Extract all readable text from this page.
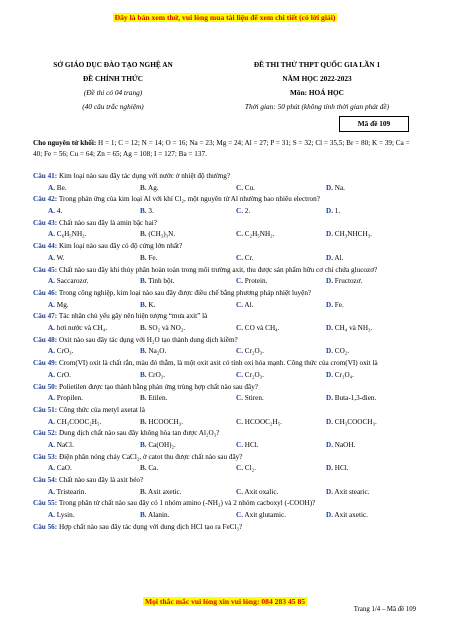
Đây là bản xem thử, vui lòng mua tài liệu để xem chi tiết (có lời giải)
SỞ GIÁO DỤC ĐÀO TẠO NGHỆ AN
ĐỀ CHÍNH THỨC
(Đề thi có 04 trang)
(40 câu trắc nghiệm)
ĐỀ THI THỬ THPT QUỐC GIA LẦN 1
NĂM HỌC 2022-2023
Môn: HOÁ HỌC
Thời gian: 50 phút (không tính thời gian phát đề)
Mã đề 109
Cho nguyên tử khối: H = 1; C = 12; N = 14; O = 16; Na = 23; Mg = 24; Al = 27; P = 31; S = 32; Cl = 35,5; Br = 80; K = 39; Ca = 40; Fe = 56; Cu = 64; Zn = 65; Ag = 108; I = 127; Ba = 137.
Câu 41: Kim loại nào sau đây tác dụng với nước ở nhiệt độ thường?
A. Be.	B. Ag.	C. Cu.	D. Na.
Câu 42: Trong phản ứng của kim loại Al với khí Cl₂, một nguyên tử Al nhường bao nhiêu electron?
A. 4.	B. 3.	C. 2.	D. 1.
Câu 43: Chất nào sau đây là amin bậc hai?
A. C₆H₅NH₂.	B. (CH₃)₃N.	C. C₂H₅NH₂.	D. CH₃NHCH₃.
Câu 44: Kim loại nào sau đây có độ cứng lớn nhất?
A. W.	B. Fe.	C. Cr.	D. Al.
Câu 45: Chất nào sau đây khi thủy phân hoàn toàn trong môi trường axit, thu được sản phẩm hữu cơ chỉ chứa glucozơ?
A. Saccarozơ.	B. Tinh bột.	C. Protein.	D. Fructozơ.
Câu 46: Trong công nghiệp, kim loại nào sau đây được điều chế bằng phương pháp nhiệt luyện?
A. Mg.	B. K.	C. Al.	D. Fe.
Câu 47: Tác nhân chủ yếu gây nên hiện tượng “mưa axit” là
A. hơi nước và CH₄.	B. SO₂ và NO₂.	C. CO và CH₄.	D. CH₄ và NH₃.
Câu 48: Oxit nào sau đây tác dụng với H₂O tạo thành dung dịch kiềm?
A. CrO₃.	B. Na₂O.	C. Cr₂O₃.	D. CO₂.
Câu 49: Crom(VI) oxit là chất rắn, màu đỏ thẫm, là một oxit axit có tính oxi hóa mạnh. Công thức của crom(VI) oxit là
A. CrO.	B. CrO₃.	C. Cr₂O₃.	D. Cr₃O₄.
Câu 50: Polietilen được tạo thành bằng phản ứng trùng hợp chất nào sau đây?
A. Propilen.	B. Etilen.	C. Stiren.	D. Buta-1,3-đien.
Câu 51: Công thức của metyl axetat là
A. CH₃COOC₂H₅.	B. HCOOCH₃.	C. HCOOC₂H₅.	D. CH₃COOCH₃.
Câu 52: Dung dịch chất nào sau đây không hòa tan được Al₂O₃?
A. NaCl.	B. Ca(OH)₂.	C. HCl.	D. NaOH.
Câu 53: Điện phân nóng chảy CaCl₂, ở catot thu được chất nào sau đây?
A. CaO.	B. Ca.	C. Cl₂.	D. HCl.
Câu 54: Chất nào sau đây là axit béo?
A. Tristearin.	B. Axit axetic.	C. Axit oxalic.	D. Axit stearic.
Câu 55: Trong phân tử chất nào sau đây có 1 nhóm amino (-NH₂) và 2 nhóm cacboxyl (-COOH)?
A. Lysin.	B. Alanin.	C. Axit glutamic.	D. Axit axetic.
Câu 56: Hợp chất nào sau đây tác dụng với dung dịch HCl tạo ra FeCl₃?
Mọi thắc mắc vui lòng xin vui lòng: 084 283 45 85
Trang 1/4 – Mã đề 109
